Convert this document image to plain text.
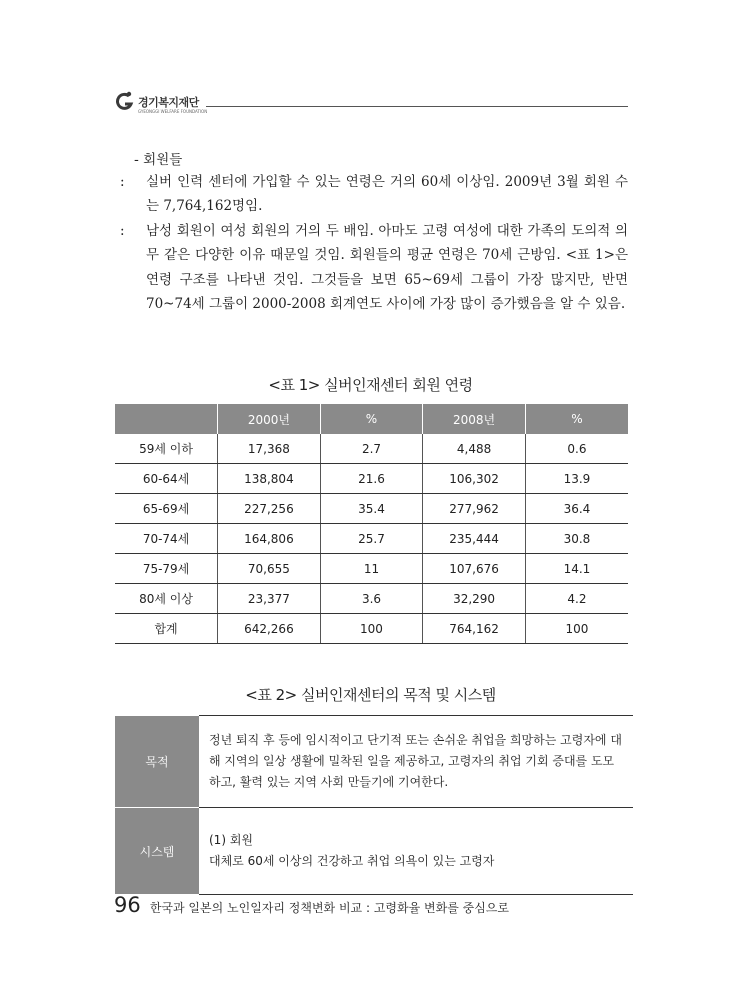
경기복지재단
GYEONGGI WELFARE FOUNDATION
- 회원들
:	실버 인력 센터에 가입할 수 있는 연령은 거의 60세 이상임. 2009년 3월 회원 수는 7,764,162명임.
:	남성 회원이 여성 회원의 거의 두 배임. 아마도 고령 여성에 대한 가족의 도의적 의무 같은 다양한 이유 때문일 것임. 회원들의 평균 연령은 70세 근방임. <표 1>은 연령 구조를 나타낸 것임. 그것들을 보면 65~69세 그룹이 가장 많지만, 반면 70~74세 그룹이 2000-2008 회계연도 사이에 가장 많이 증가했음을 알 수 있음.
<표 1> 실버인재센터 회원 연령
	2000년	%	2008년	%
59세 이하	17,368	2.7	4,488	0.6
60-64세	138,804	21.6	106,302	13.9
65-69세	227,256	35.4	277,962	36.4
70-74세	164,806	25.7	235,444	30.8
75-79세	70,655	11	107,676	14.1
80세 이상	23,377	3.6	32,290	4.2
합계	642,266	100	764,162	100
<표 2> 실버인재센터의 목적 및 시스템
목적	정년 퇴직 후 등에 임시적이고 단기적 또는 손쉬운 취업을 희망하는 고령자에 대해 지역의 일상 생활에 밀착된 일을 제공하고, 고령자의 취업 기회 증대를 도모하고, 활력 있는 지역 사회 만들기에 기여한다.
시스템	(1) 회원
대체로 60세 이상의 건강하고 취업 의욕이 있는 고령자
96 한국과 일본의 노인일자리 정책변화 비교 : 고령화율 변화를 중심으로
